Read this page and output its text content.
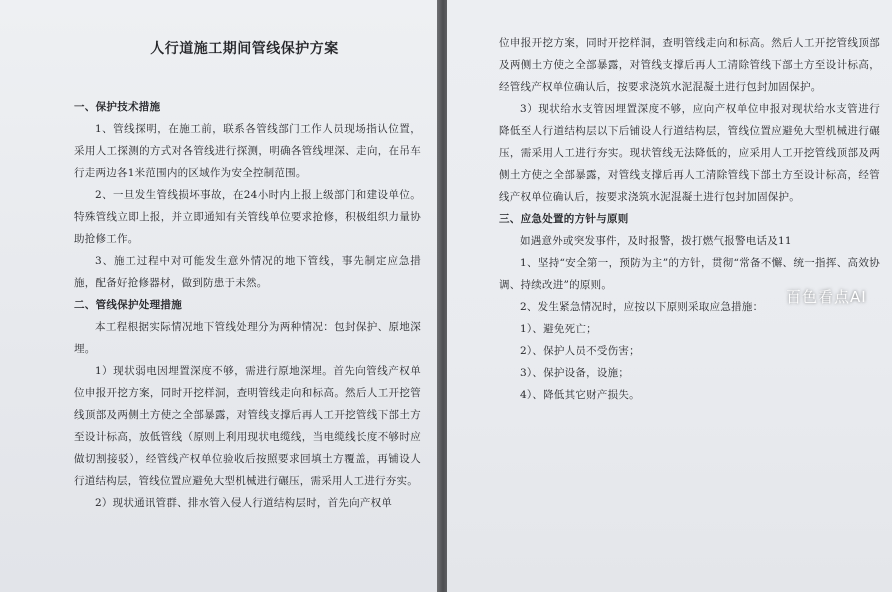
人行道施工期间管线保护方案
一、保护技术措施

1、管线探明，在施工前，联系各管线部门工作人员现场指认位置，采用人工探测的方式对各管线进行探测，明确各管线埋深、走向，在吊车行走两边各1米范围内的区域作为安全控制范围。

2、一旦发生管线损坏事故，在24小时内上报上级部门和建设单位。特殊管线立即上报，并立即通知有关管线单位要求抢修，积极组织力量协助抢修工作。

3、施工过程中对可能发生意外情况的地下管线，事先制定应急措施，配备好抢修器材，做到防患于未然。

二、管线保护处理措施

本工程根据实际情况地下管线处理分为两种情况：包封保护、原地深埋。

1）现状弱电因埋置深度不够，需进行原地深埋。首先向管线产权单位申报开挖方案，同时开挖样洞，查明管线走向和标高。然后人工开挖管线顶部及两侧土方使之全部暴露，对管线支撑后再人工开挖管线下部土方至设计标高，放低管线（原则上利用现状电缆线，当电缆线长度不够时应做切割接驳），经管线产权单位验收后按照要求回填土方覆盖，再铺设人行道结构层，管线位置应避免大型机械进行碾压，需采用人工进行夯实。

2）现状通讯管群、排水管入侵人行道结构层时，首先向产权单

位申报开挖方案，同时开挖样洞，查明管线走向和标高。然后人工开挖管线顶部及两侧土方使之全部暴露，对管线支撑后再人工清除管线下部土方至设计标高，经管线产权单位确认后，按要求浇筑水泥混凝土进行包封加固保护。

3）现状给水支管因埋置深度不够，应向产权单位申报对现状给水支管进行降低至人行道结构层以下后铺设人行道结构层，管线位置应避免大型机械进行碾压，需采用人工进行夯实。现状管线无法降低的，应采用人工开挖管线顶部及两侧土方使之全部暴露，对管线支撑后再人工清除管线下部土方至设计标高，经管线产权单位确认后，按要求浇筑水泥混凝土进行包封加固保护。

三、应急处置的方针与原则

如遇意外或突发事件，及时报警，拨打燃气报警电话及11

1、坚持“安全第一，预防为主”的方针，贯彻“常备不懈、统一指挥、高效协调、持续改进”的原则。

2、发生紧急情况时，应按以下原则采取应急措施：

1）、避免死亡；

2）、保护人员不受伤害；

3）、保护设备，设施；

4）、降低其它财产损失。

百色看点AI
